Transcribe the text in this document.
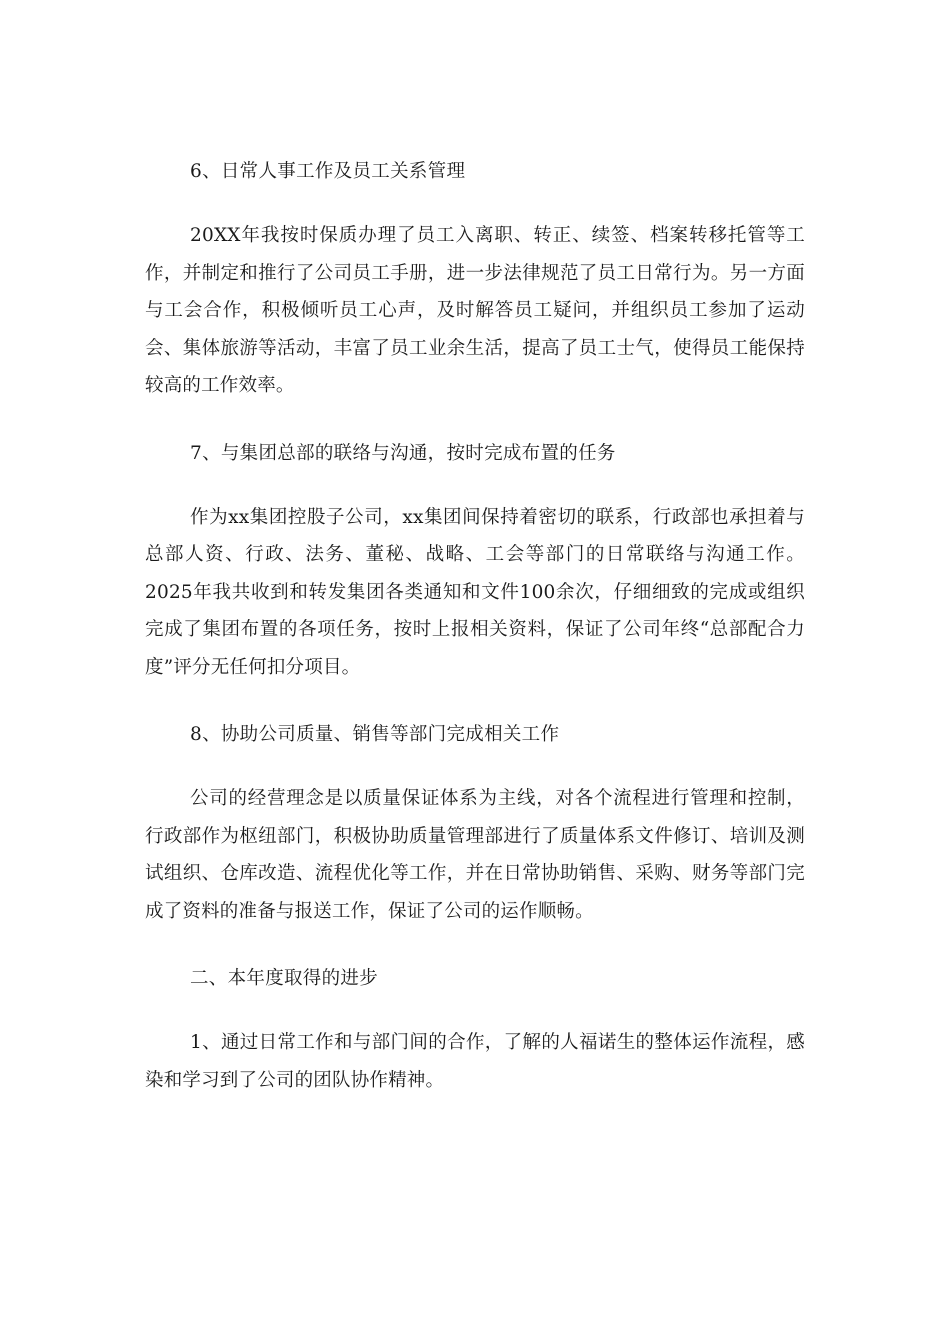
6、日常人事工作及员工关系管理

20XX年我按时保质办理了员工入离职、转正、续签、档案转移托管等工作，并制定和推行了公司员工手册，进一步法律规范了员工日常行为。另一方面与工会合作，积极倾听员工心声，及时解答员工疑问，并组织员工参加了运动会、集体旅游等活动，丰富了员工业余生活，提高了员工士气，使得员工能保持较高的工作效率。

7、与集团总部的联络与沟通，按时完成布置的任务

作为xx集团控股子公司，xx集团间保持着密切的联系，行政部也承担着与总部人资、行政、法务、董秘、战略、工会等部门的日常联络与沟通工作。2025年我共收到和转发集团各类通知和文件100余次，仔细细致的完成或组织完成了集团布置的各项任务，按时上报相关资料，保证了公司年终“总部配合力度”评分无任何扣分项目。

8、协助公司质量、销售等部门完成相关工作

公司的经营理念是以质量保证体系为主线，对各个流程进行管理和控制，行政部作为枢纽部门，积极协助质量管理部进行了质量体系文件修订、培训及测试组织、仓库改造、流程优化等工作，并在日常协助销售、采购、财务等部门完成了资料的准备与报送工作，保证了公司的运作顺畅。

二、本年度取得的进步

1、通过日常工作和与部门间的合作，了解的人福诺生的整体运作流程，感染和学习到了公司的团队协作精神。
